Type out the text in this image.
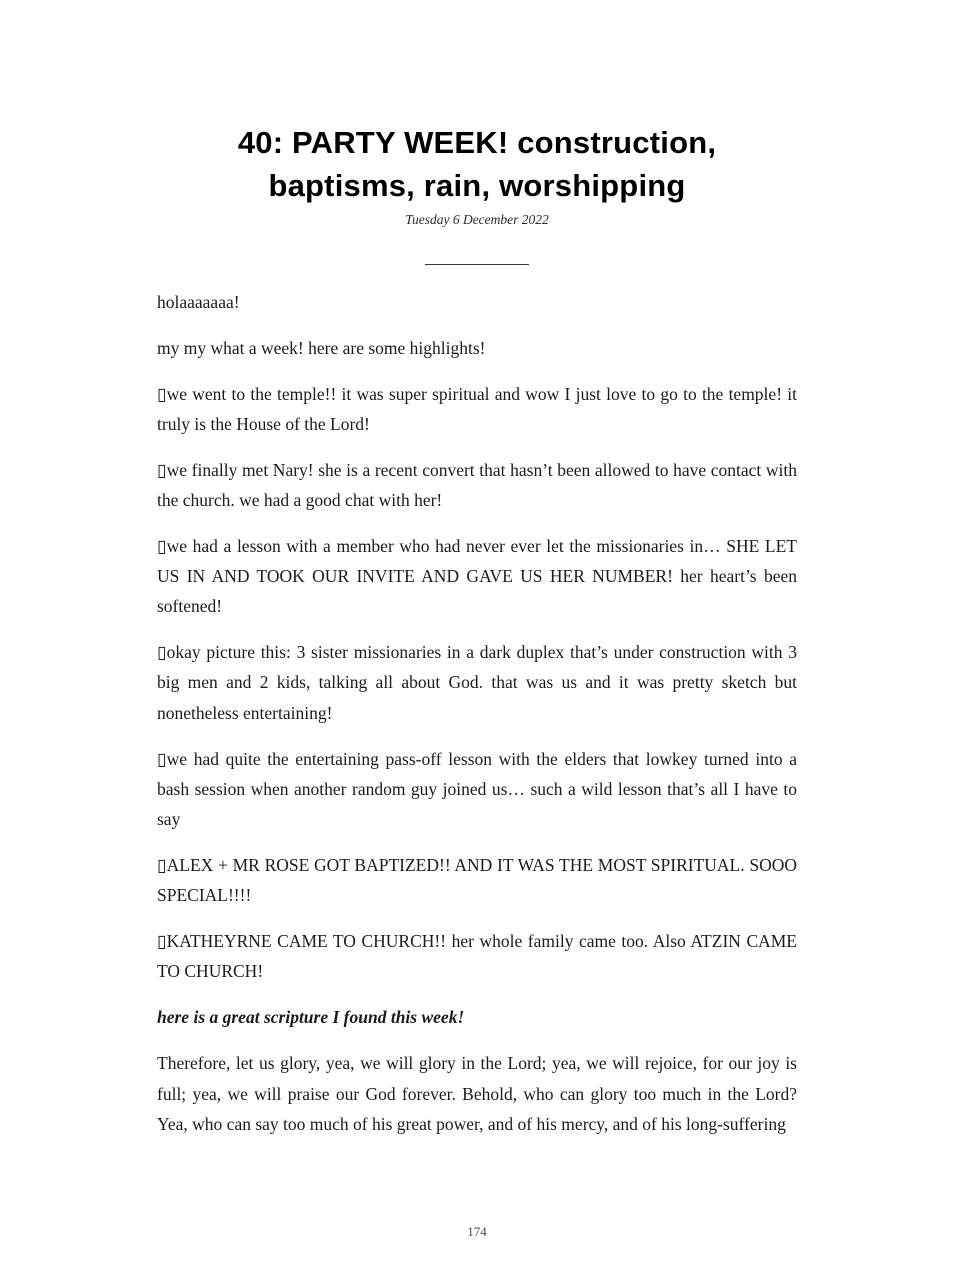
40: PARTY WEEK! construction,
baptisms, rain, worshipping
Tuesday 6 December 2022

holaaaaaaa!

my my what a week! here are some highlights!

▯we went to the temple!! it was super spiritual and wow I just love to go to the temple! it truly is the House of the Lord!

▯we finally met Nary! she is a recent convert that hasn’t been allowed to have contact with the church. we had a good chat with her!

▯we had a lesson with a member who had never ever let the missionaries in… SHE LET US IN AND TOOK OUR INVITE AND GAVE US HER NUMBER! her heart’s been softened!

▯okay picture this: 3 sister missionaries in a dark duplex that’s under construction with 3 big men and 2 kids, talking all about God. that was us and it was pretty sketch but nonetheless entertaining!

▯we had quite the entertaining pass-off lesson with the elders that lowkey turned into a bash session when another random guy joined us… such a wild lesson that’s all I have to say

▯ALEX + MR ROSE GOT BAPTIZED!! AND IT WAS THE MOST SPIRITUAL. SOOO SPECIAL!!!!

▯KATHEYRNE CAME TO CHURCH!! her whole family came too. Also ATZIN CAME TO CHURCH!

here is a great scripture I found this week!

Therefore, let us glory, yea, we will glory in the Lord; yea, we will rejoice, for our joy is full; yea, we will praise our God forever. Behold, who can glory too much in the Lord? Yea, who can say too much of his great power, and of his mercy, and of his long-suffering

174
